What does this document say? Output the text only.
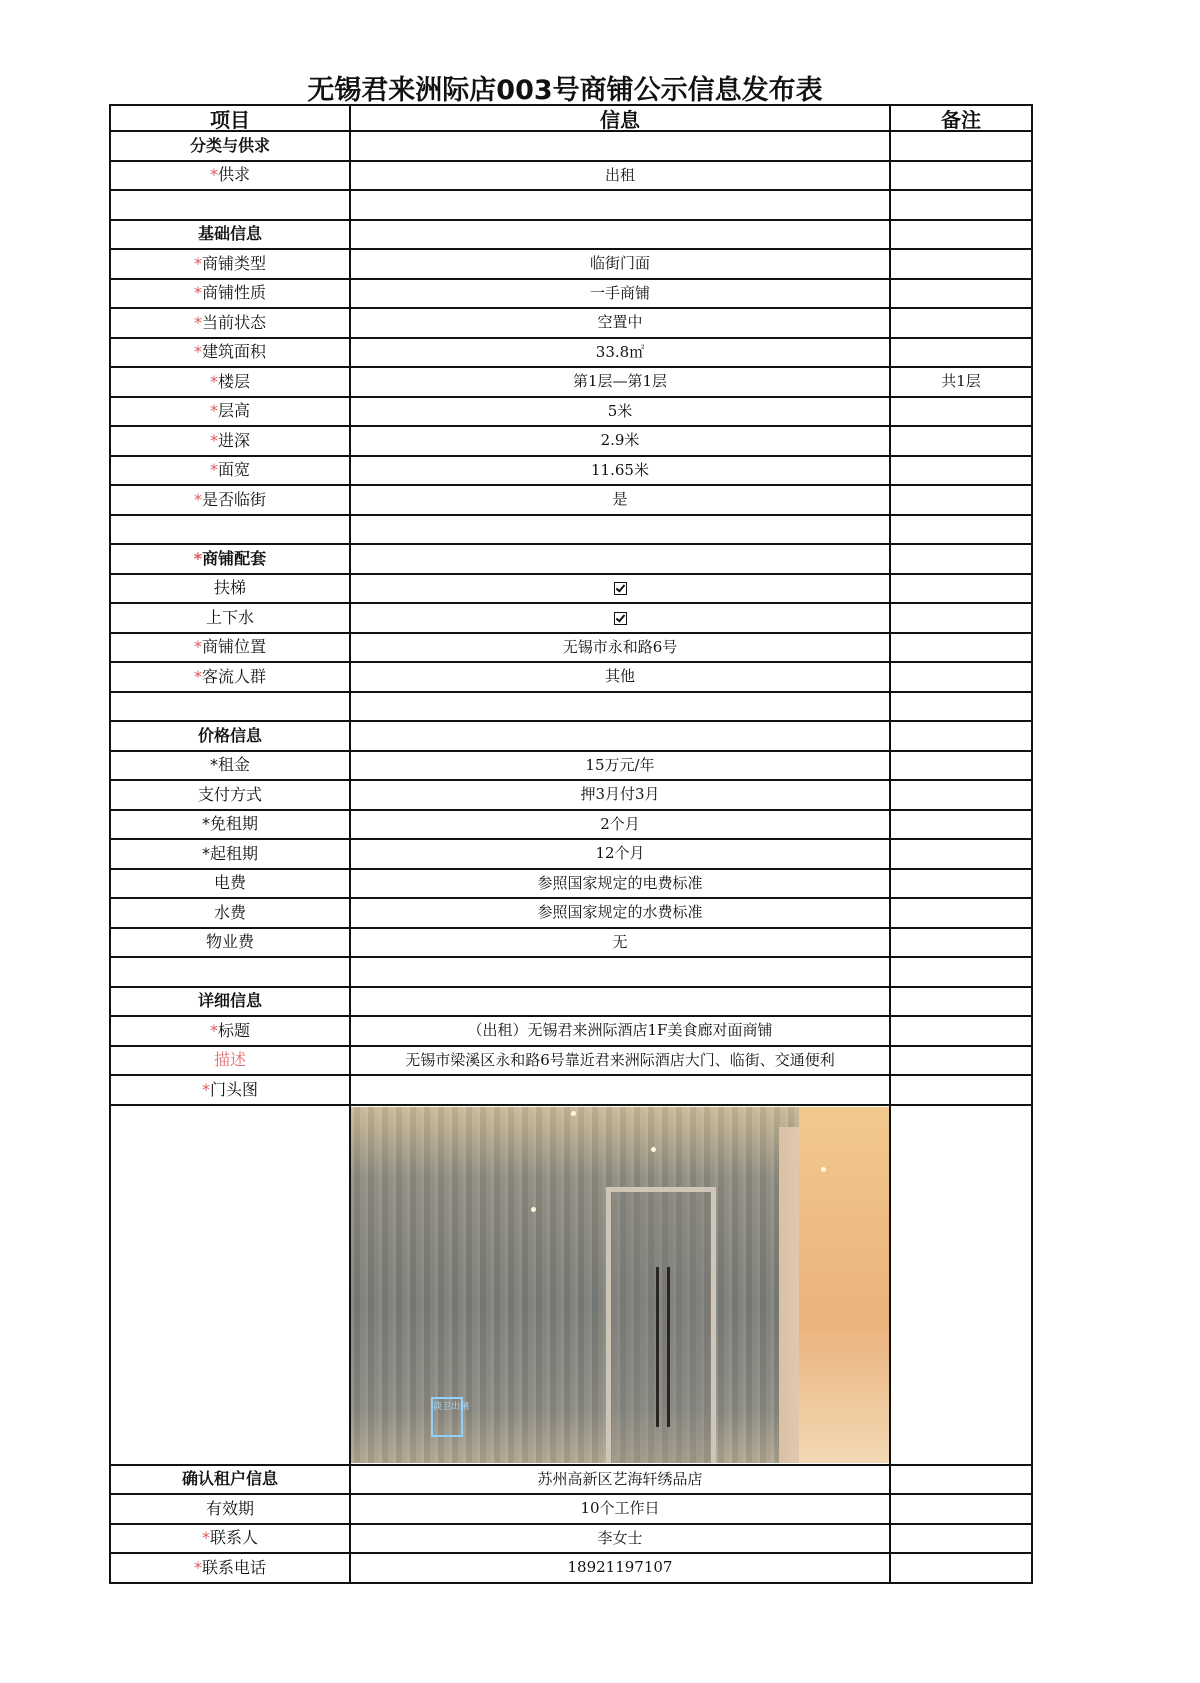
无锡君来洲际店003号商铺公示信息发布表
项目	信息	备注
分类与供求		
*供求	出租	

基础信息		
*商铺类型	临街门面	
*商铺性质	一手商铺	
*当前状态	空置中	
*建筑面积	33.8㎡	
*楼层	第1层—第1层	共1层
*层高	5米	
*进深	2.9米	
*面宽	11.65米	
*是否临街	是	

*商铺配套		
扶梯		
上下水		
*商铺位置	无锡市永和路6号	
*客流人群	其他	

价格信息		
*租金	15万元/年	
支付方式	押3月付3月	
*免租期	2个月	
*起租期	12个月	
电费	参照国家规定的电费标准	
水费	参照国家规定的水费标准	
物业费	无	

详细信息		
*标题	（出租）无锡君来洲际酒店1F美食廊对面商铺	
描述	无锡市梁溪区永和路6号靠近君来洲际酒店大门、临街、交通便利	
*门头图		

	淡卫出闸	

确认租户信息	苏州高新区艺海轩绣品店	
有效期	10个工作日	
*联系人	李女士	
*联系电话	18921197107	
